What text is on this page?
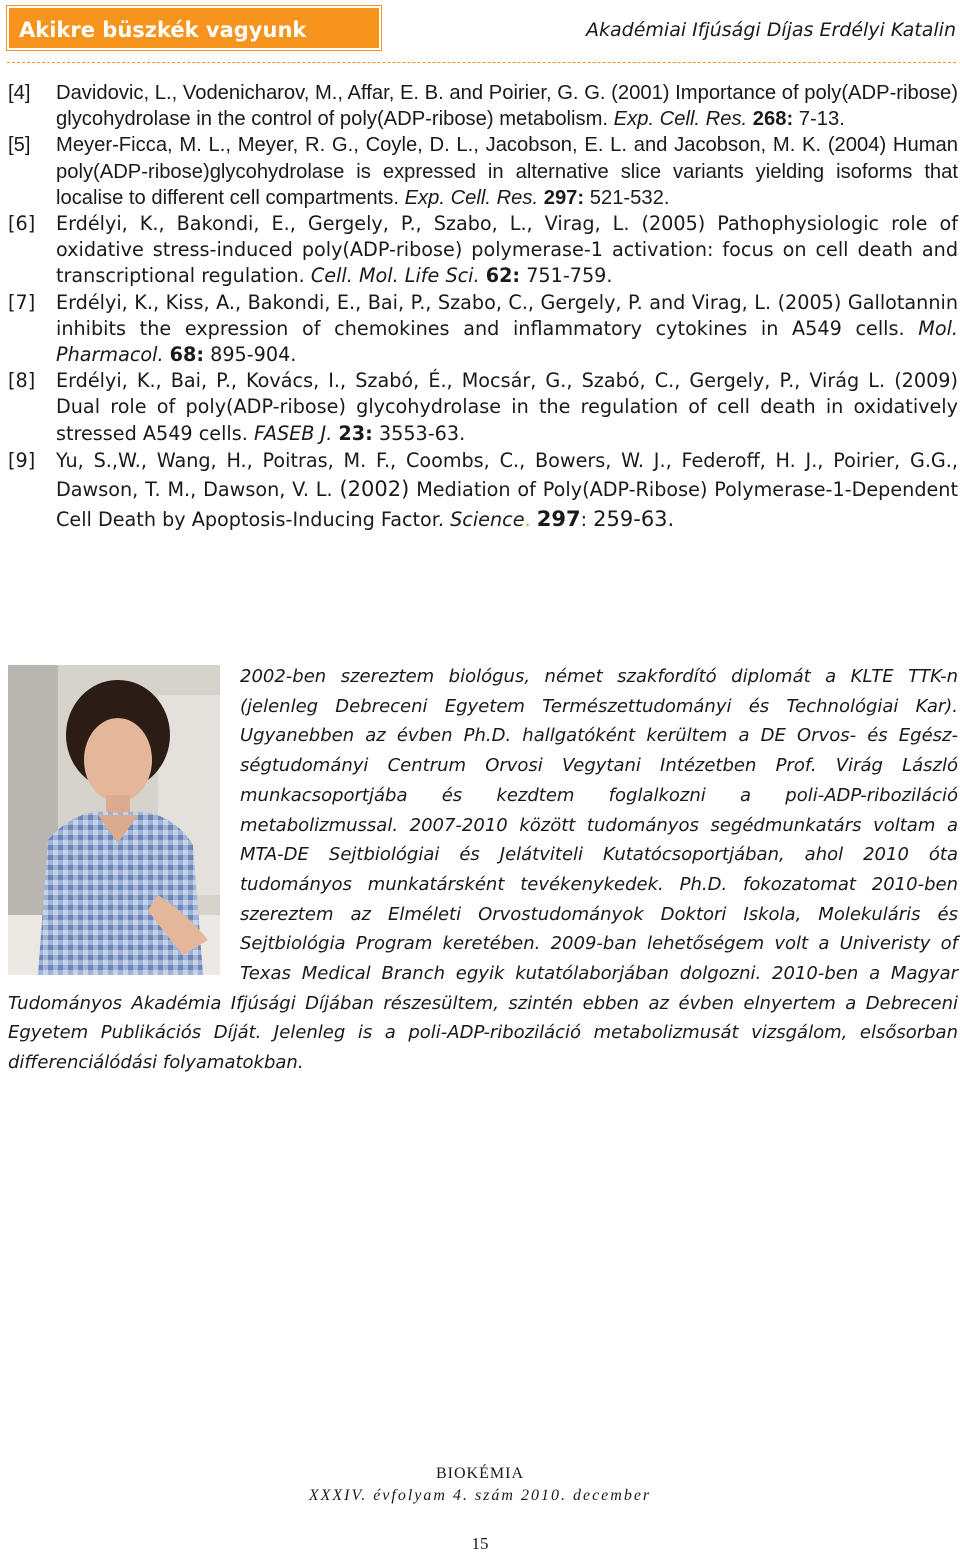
Akikre büszkék vagyunk	Akadémiai Ifjúsági Díjas Erdélyi Katalin
[4] Davidovic, L., Vodenicharov, M., Affar, E. B. and Poirier, G. G. (2001) Importance of poly(ADP-ribose) glycohydrolase in the control of poly(ADP-ribose) metabolism. Exp. Cell. Res. 268: 7-13.
[5] Meyer-Ficca, M. L., Meyer, R. G., Coyle, D. L., Jacobson, E. L. and Jacobson, M. K. (2004) Human poly(ADP-ribose)glycohydrolase is expressed in alternative slice variants yielding isoforms that localise to different cell compartments. Exp. Cell. Res. 297: 521-532.
[6] Erdélyi, K., Bakondi, E., Gergely, P., Szabo, L., Virag, L. (2005) Pathophysiologic role of oxidative stress-induced poly(ADP-ribose) polymerase-1 activation: focus on cell death and transcriptional regulation. Cell. Mol. Life Sci. 62: 751-759.
[7] Erdélyi, K., Kiss, A., Bakondi, E., Bai, P., Szabo, C., Gergely, P. and Virag, L. (2005) Gallotannin inhibits the expression of chemokines and inflammatory cytokines in A549 cells. Mol. Pharmacol. 68: 895-904.
[8] Erdélyi, K., Bai, P., Kovács, I., Szabó, É., Mocsár, G., Szabó, C., Gergely, P., Virág L. (2009) Dual role of poly(ADP-ribose) glycohydrolase in the regulation of cell death in oxidatively stressed A549 cells. FASEB J. 23: 3553-63.
[9] Yu, S.,W., Wang, H., Poitras, M. F., Coombs, C., Bowers, W. J., Federoff, H. J., Poirier, G.G., Dawson, T. M., Dawson, V. L. (2002) Mediation of Poly(ADP-Ribose) Polymerase-1-Dependent Cell Death by Apoptosis-Inducing Factor. Science. 297: 259-63.
2002-ben szereztem biológus, német szakfordító diplomát a KLTE TTK-n (jelenleg Debreceni Egyetem Természettudományi és Technológiai Kar). Ugyanebben az évben Ph.D. hallgatóként kerültem a DE Orvos- és Egészségtudományi Centrum Orvosi Vegytani Intézetben Prof. Virág László munkacsoportjába és kezdtem foglalkozni a poli-ADP-riboziláció metabolizmussal. 2007-2010 között tudományos segédmunkatárs voltam a MTA-DE Sejtbiológiai és Jelátviteli Kutatócsoportjában, ahol 2010 óta tudományos munkatársként tevékenykedek. Ph.D. fokozatomat 2010-ben szereztem az Elméleti Orvostudományok Doktori Iskola, Molekuláris és Sejtbiológia Program keretében. 2009-ban lehetőségem volt a Univeristy of Texas Medical Branch egyik kutatólaborjában dolgozni. 2010-ben a Magyar Tudományos Akadémia Ifjúsági Díjában részesültem, szintén ebben az évben elnyertem a Debreceni Egyetem Publikációs Díját. Jelenleg is a poli-ADP-riboziláció metabolizmusát vizsgálom, elsősorban differenciálódási folyamatokban.
BIOKÉMIA
XXXIV. évfolyam 4. szám 2010. december
15
